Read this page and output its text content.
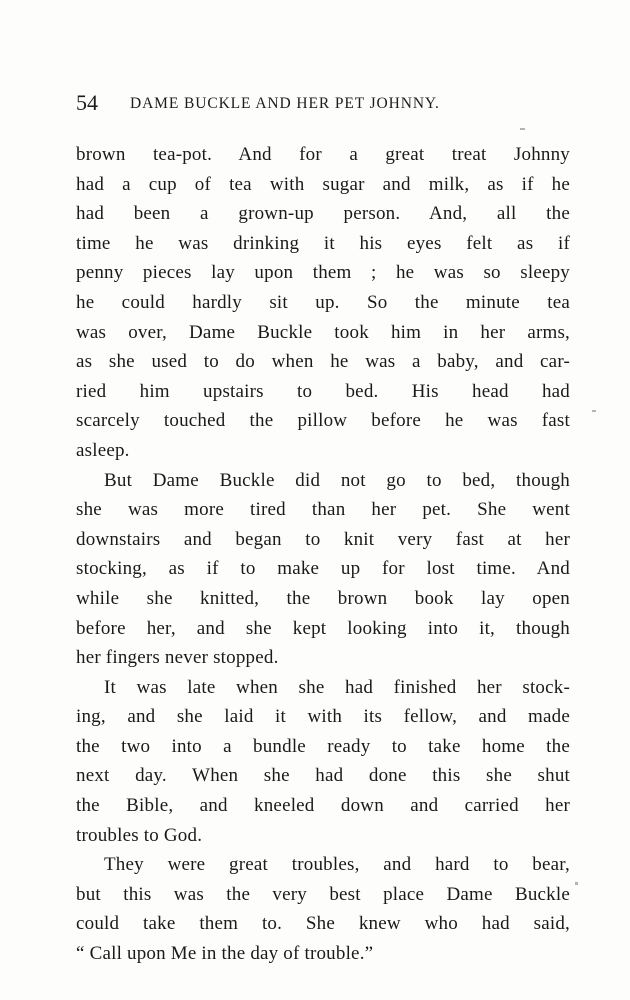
54 DAME BUCKLE AND HER PET JOHNNY.
brown tea-pot. And for a great treat Johnny
had a cup of tea with sugar and milk, as if he
had been a grown-up person. And, all the
time he was drinking it his eyes felt as if
penny pieces lay upon them ; he was so sleepy
he could hardly sit up. So the minute tea
was over, Dame Buckle took him in her arms,
as she used to do when he was a baby, and car-
ried him upstairs to bed. His head had
scarcely touched the pillow before he was fast
asleep.
But Dame Buckle did not go to bed, though
she was more tired than her pet. She went
downstairs and began to knit very fast at her
stocking, as if to make up for lost time. And
while she knitted, the brown book lay open
before her, and she kept looking into it, though
her fingers never stopped.
It was late when she had finished her stock-
ing, and she laid it with its fellow, and made
the two into a bundle ready to take home the
next day. When she had done this she shut
the Bible, and kneeled down and carried her
troubles to God.
They were great troubles, and hard to bear,
but this was the very best place Dame Buckle
could take them to. She knew who had said,
“ Call upon Me in the day of trouble.”
